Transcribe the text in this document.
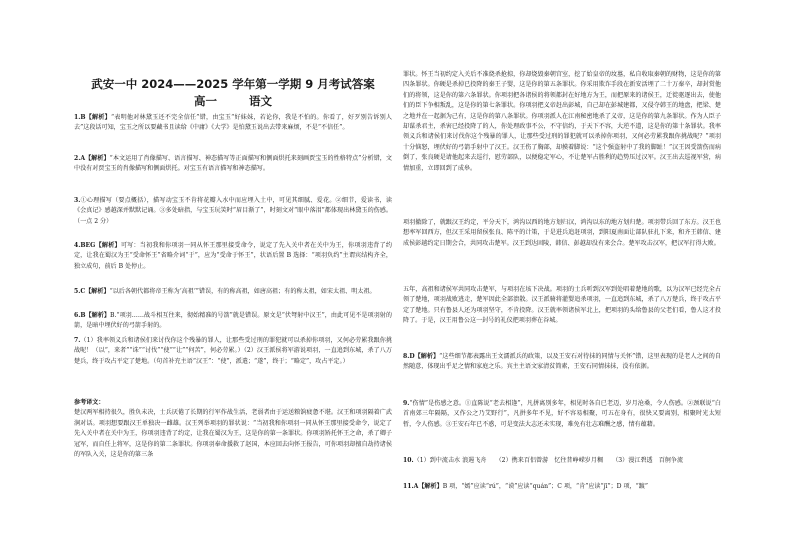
武安一中 2024——2025 学年第一学期 9 月考试答案
高一	语文
1.B【解析】“表明他对林黛玉还不完全信任”错，由宝玉“好妹妹，若论你，我是不怕的。你看了，好歹别告诉别人去”这段话可知，宝玉之所以要藏书且读给《中庸》《大学》是怕黛玉说出去带来麻烦，不是“不信任”。
2.A【解析】“本文运用了肖像描写、语言描写、神态描写等正面描写和侧面烘托来刻画贾宝玉的性格特点”分析错，文中没有对贾宝玉的肖像描写和侧面烘托。对宝玉有语言描写和神态描写。
3.①心理描写（要点概括），描写动宝玉不肯将花瓣入水中而应埋入土中，可见其细腻、爱花。②细节，爱读书，读《会真记》感越深并默默记诵。③多处暗指，与宝玉玩笑时“眉目渐了”，时刻文对“眼中落泪”都体现出林黛玉的伤感。（一点 2 分）
4.BEG【解析】可写：当初我和你项羽一同从怀王那里接受命令，说定了先入关中者在关中为王，你项羽违背了约定，让我在蜀汉为王“受命怀王”省略介词“于”，应为“受命于怀王”，状语后置 B 选择：“项羽负约”主谓宾结构齐全，独立成句，前后 B 处停止。
5.C【解析】“以后各朝代都将帝王称为‘高祖’”错误，有的称高祖，如唐高祖；有的称太祖，如宋太祖、明太祖。
6.B【解析】B.“项羽……战斗相互往来，彻始精准的号箭”就是错误。原文是“伏弩射中汉王”，由此可见不是项羽射的箭，是暗中埋伏好的弓箭手射的。
7.（1）我率领义兵和诸侯们来讨伐你这个残暴的罪人，让那些受过刑的罪犯就可以杀掉你项羽，又何必劳累我跟你挑战呢！（以“，来者”“诛”“讨伐”“使”“让”“何苦”，何必劳累。）（2）汉王派侯将军游说项羽，一直追到东城，杀了八万楚兵，终于攻占平定了楚地。（句首补充主语“汉王”：“使”，派遣；“遂”，终于；“略定”，攻占平定。）
参考译文：
楚汉两军相持很久，胜负未决，士兵厌倦了长期的行军作战生活，老弱者由于运送粮饷疲惫不堪。汉王和项羽隔着广武涧对话。项羽想要跟汉王单独决一雌雄。汉王列举项羽的罪状说：“当初我和你项羽一同从怀王那里接受命令，说定了先入关中者在关中为王，你项羽违背了约定，让我在蜀汉为王，这是你的第一条罪状。你项羽矫托怀王之命，杀了卿子冠军，而自任上将军，这是你的第二条罪状。你项羽奉命援救了赵国，本应回去向怀王报告，可你项羽却擅自劫持诸侯的军队入关，这是你的第三条
罪状。怀王当初约定入关后不准烧杀抢掠，你却烧毁秦朝宫室，挖了始皇帝的坟墓，私自收取秦朝的财物，这是你的第四条罪状。你硬是杀掉已投降的秦王子婴，这是你的第五条罪状。你采用欺诈手段在新安活埋了二十万秦卒，却封赏他们的将领，这是你的第六条罪状。你项羽把各诸侯的将领都封在好地方为王，而把原来的诸侯王，迁徙驱逐出去，使他们的臣下争相叛乱，这是你的第七条罪状。你项羽把义帝赶出彭城，自己却在彭城建都，又侵夺韩王的地盘，把梁、楚之地并在一起据为己有，这是你的第八条罪状。你项羽派人在江南秘密地杀了义帝，这是你的第九条罪状。作为人臣子却谋杀君主，杀害已经投降了的人，你处理政事不公，不守信约，于天下不容，大逆不道，这是你的第十条罪状。我率领义兵和诸侯们来讨伐你这个残暴的罪人，让那些受过刑的罪犯就可以杀掉你项羽，又何必劳累我跟你挑战呢？”项羽十分恼怒，埋伏好的弓箭手射中了汉王。汉王伤了胸部，却摸着脚说：“这个强盗射中了我的脚趾！”汉王因受箭伤而病倒了，张良硬是请他起来去巡行，慰劳部队，以便稳定军心，不让楚军占胜利的趋势压过汉军。汉王出去巡视军营，病情加重，立即回到了成皋。
项羽撤除了，就跟汉王约定，平分天下，鸿沟以西的地方划归汉，鸿沟以东的地方划归楚。项羽带兵回了东方。汉王也想率军回西方，但汉王采用留侯张良、陈平的计策，于是进兵追赶项羽，到阳夏南面让部队驻扎下来，和齐王韩信、建成侯彭越约定日期会合，共同攻击楚军。汉王到达固陵，韩信、彭越却没有来会合。楚军攻击汉军，把汉军打得大败。
五年，高祖和诸侯军共同攻击楚军，与项羽在垓下决战。项羽的士兵听到汉军到处唱着楚地的歌，以为汉军已经完全占领了楚地，项羽战败逃走，楚军因此全部溃散。汉王派骑将灌婴追杀项羽，一直追到东城，杀了八万楚兵，终于攻占平定了楚地。只有鲁县人还为项羽坚守，不肯投降。汉王就率领诸侯军北上，把项羽的头给鲁县的父老们看，鲁人这才投降了。于是，汉王用鲁公这一封号的礼仪把项羽葬在谷城。
8.D【解析】“这些细节都表露出王文濡派兵的政策，以及王安石对待抹的同情与关怀”错，这里表现的是老人之间的自然随意，体现出乎足之情和家庭之乐。宾主主语文家清贫简素，王安石同情抹抹，没有依据。
9.“伤情”是伤感之意。①直陈说“老去相逢”，凡拼离别多年，相见时各自已老迈，岁月沧桑，令人伤感。②颈联说“白首南郊三年隔隔，又作公之乃艾野行”，凡拼多年不见，好不容易相聚，可五在身有，很快又要离别，相聚时光太短暂，令人伤感。③王安石年已不惑，可是变法大志还未实现，难免有壮志难酬之感，情有蕴藉。
10.（1）到中流击水 浪遏飞舟　　（2）携来百侣曾游　忆往昔峥嵘岁月稠　　（3）漫江碧透　百舸争流
11.A【解析】B 项，“嫣”应读“rú”，“谟”应读“quán”；C 项，“肯”应读“jī”；D 项，“踱”
